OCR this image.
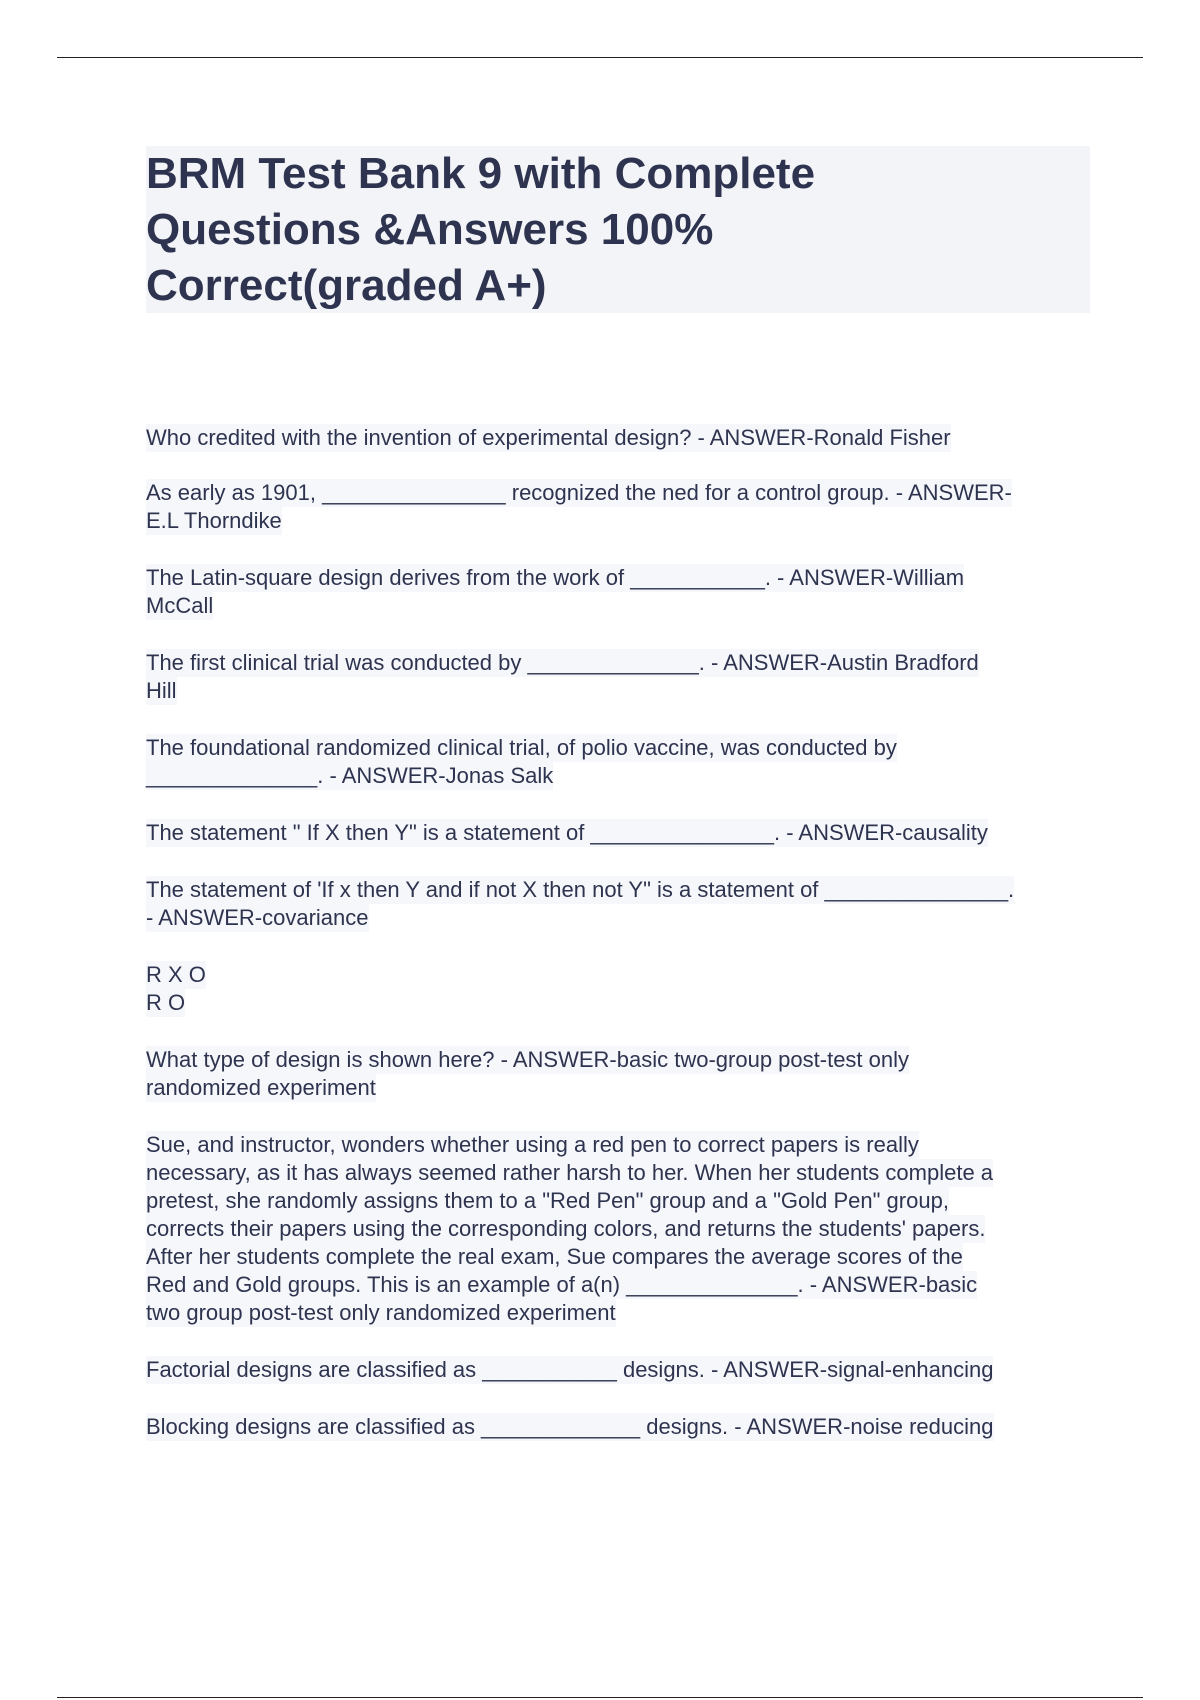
BRM Test Bank 9 with Complete
Questions &Answers 100%
Correct(graded A+)

Who credited with the invention of experimental design? - ANSWER-Ronald Fisher

As early as 1901, _______________ recognized the ned for a control group. - ANSWER-
E.L Thorndike

The Latin-square design derives from the work of ___________. - ANSWER-William
McCall

The first clinical trial was conducted by ______________. - ANSWER-Austin Bradford
Hill

The foundational randomized clinical trial, of polio vaccine, was conducted by
______________. - ANSWER-Jonas Salk

The statement " If X then Y" is a statement of _______________. - ANSWER-causality

The statement of 'If x then Y and if not X then not Y" is a statement of _______________.
- ANSWER-covariance

R X O
R O

What type of design is shown here? - ANSWER-basic two-group post-test only
randomized experiment

Sue, and instructor, wonders whether using a red pen to correct papers is really
necessary, as it has always seemed rather harsh to her. When her students complete a
pretest, she randomly assigns them to a "Red Pen" group and a "Gold Pen" group,
corrects their papers using the corresponding colors, and returns the students' papers.
After her students complete the real exam, Sue compares the average scores of the
Red and Gold groups. This is an example of a(n) ______________. - ANSWER-basic
two group post-test only randomized experiment

Factorial designs are classified as ___________ designs. - ANSWER-signal-enhancing

Blocking designs are classified as _____________ designs. - ANSWER-noise reducing
